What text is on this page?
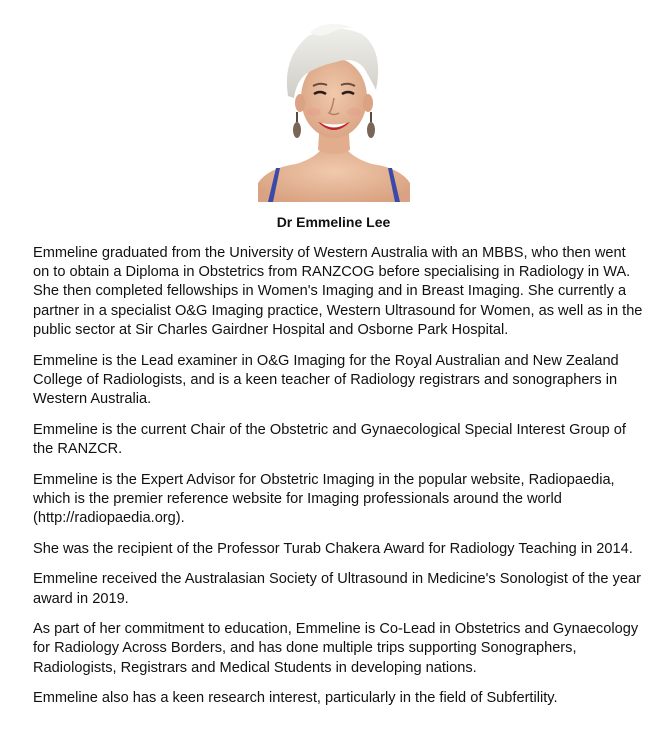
Dr Emmeline Lee

Emmeline graduated from the University of Western Australia with an MBBS, who then went on to obtain a Diploma in Obstetrics from RANZCOG before specialising in Radiology in WA. She then completed fellowships in Women's Imaging and in Breast Imaging. She currently a partner in a specialist O&G Imaging practice, Western Ultrasound for Women, as well as in the public sector at Sir Charles Gairdner Hospital and Osborne Park Hospital.

Emmeline is the Lead examiner in O&G Imaging for the Royal Australian and New Zealand College of Radiologists, and is a keen teacher of Radiology registrars and sonographers in Western Australia.

Emmeline is the current Chair of the Obstetric and Gynaecological Special Interest Group of the RANZCR.

Emmeline is the Expert Advisor for Obstetric Imaging in the popular website, Radiopaedia, which is the premier reference website for Imaging professionals around the world (http://radiopaedia.org).

She was the recipient of the Professor Turab Chakera Award for Radiology Teaching in 2014.

Emmeline received the Australasian Society of Ultrasound in Medicine's Sonologist of the year award in 2019.

As part of her commitment to education, Emmeline is Co-Lead in Obstetrics and Gynaecology for Radiology Across Borders, and has done multiple trips supporting Sonographers, Radiologists, Registrars and Medical Students in developing nations.

Emmeline also has a keen research interest, particularly in the field of Subfertility.
